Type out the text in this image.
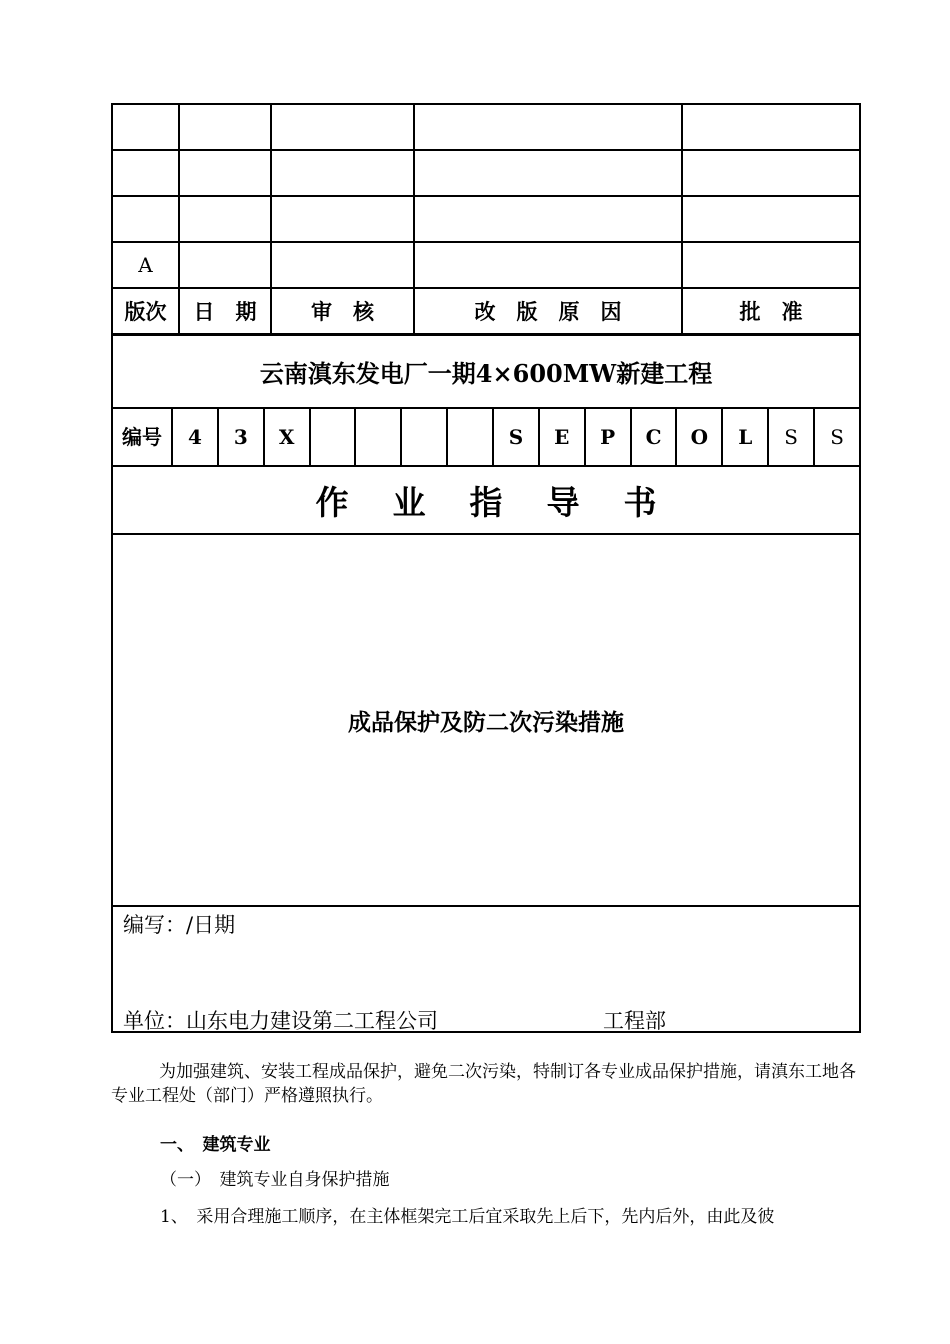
A				
版次	日　期	审　核	改　版　原　因	批　准
云南滇东发电厂一期4×600MW新建工程
编号	4	3	X					S	E	P	C	O	L	S	S
作业指导书
成品保护及防二次污染措施

编写：/日期
单位：山东电力建设第二工程公司	工程部
为加强建筑、安装工程成品保护，避免二次污染，特制订各专业成品保护措施，请滇东工地各专业工程处（部门）严格遵照执行。
一、　建筑专业
（一）　建筑专业自身保护措施
1、　采用合理施工顺序，在主体框架完工后宜采取先上后下，先内后外，由此及彼
